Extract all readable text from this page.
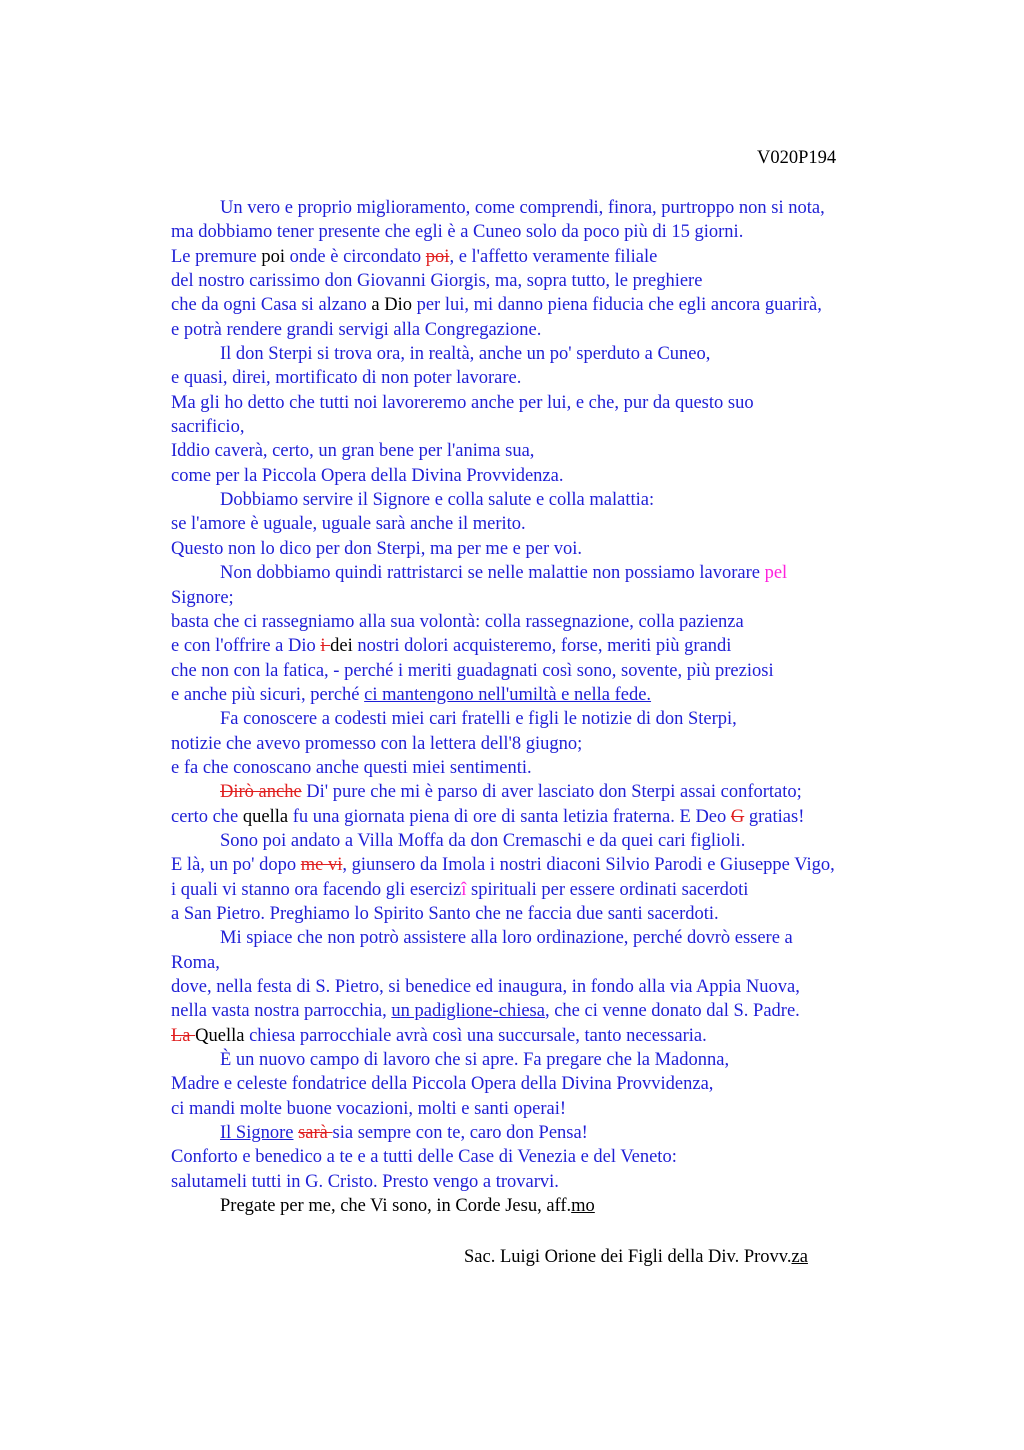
V020P194
Un vero e proprio miglioramento, come comprendi, finora, purtroppo non si nota,
ma dobbiamo tener presente che egli è a Cuneo solo da poco più di 15 giorni.
Le premure poi onde è circondato poi, e l'affetto veramente filiale
del nostro carissimo don Giovanni Giorgis, ma, sopra tutto, le preghiere
che da ogni Casa si alzano a Dio per lui, mi danno piena fiducia che egli ancora guarirà,
e potrà rendere grandi servigi alla Congregazione.
Il don Sterpi si trova ora, in realtà, anche un po' sperduto a Cuneo,
e quasi, direi, mortificato di non poter lavorare.
Ma gli ho detto che tutti noi lavoreremo anche per lui, e che, pur da questo suo
sacrificio,
Iddio caverà, certo, un gran bene per l'anima sua,
come per la Piccola Opera della Divina Provvidenza.
Dobbiamo servire il Signore e colla salute e colla malattia:
se l'amore è uguale, uguale sarà anche il merito.
Questo non lo dico per don Sterpi, ma per me e per voi.
Non dobbiamo quindi rattristarci se nelle malattie non possiamo lavorare pel
Signore;
basta che ci rassegniamo alla sua volontà: colla rassegnazione, colla pazienza
e con l'offrire a Dio i dei nostri dolori acquisteremo, forse, meriti più grandi
che non con la fatica, - perché i meriti guadagnati così sono, sovente, più preziosi
e anche più sicuri, perché ci mantengono nell'umiltà e nella fede.
Fa conoscere a codesti miei cari fratelli e figli le notizie di don Sterpi,
notizie che avevo promesso con la lettera dell'8 giugno;
e fa che conoscano anche questi miei sentimenti.
Dirò anche Di' pure che mi è parso di aver lasciato don Sterpi assai confortato;
certo che quella fu una giornata piena di ore di santa letizia fraterna. E Deo G gratias!
Sono poi andato a Villa Moffa da don Cremaschi e da quei cari figlioli.
E là, un po' dopo me vi, giunsero da Imola i nostri diaconi Silvio Parodi e Giuseppe Vigo,
i quali vi stanno ora facendo gli esercizî spirituali per essere ordinati sacerdoti
a San Pietro. Preghiamo lo Spirito Santo che ne faccia due santi sacerdoti.
Mi spiace che non potrò assistere alla loro ordinazione, perché dovrò essere a
Roma,
dove, nella festa di S. Pietro, si benedice ed inaugura, in fondo alla via Appia Nuova,
nella vasta nostra parrocchia, un padiglione-chiesa, che ci venne donato dal S. Padre.
La Quella chiesa parrocchiale avrà così una succursale, tanto necessaria.
È un nuovo campo di lavoro che si apre. Fa pregare che la Madonna,
Madre e celeste fondatrice della Piccola Opera della Divina Provvidenza,
ci mandi molte buone vocazioni, molti e santi operai!
Il Signore sarà sia sempre con te, caro don Pensa!
Conforto e benedico a te e a tutti delle Case di Venezia e del Veneto:
salutameli tutti in G. Cristo. Presto vengo a trovarvi.
Pregate per me, che Vi sono, in Corde Jesu, aff.mo
Sac. Luigi Orione dei Figli della Div. Provv.za
